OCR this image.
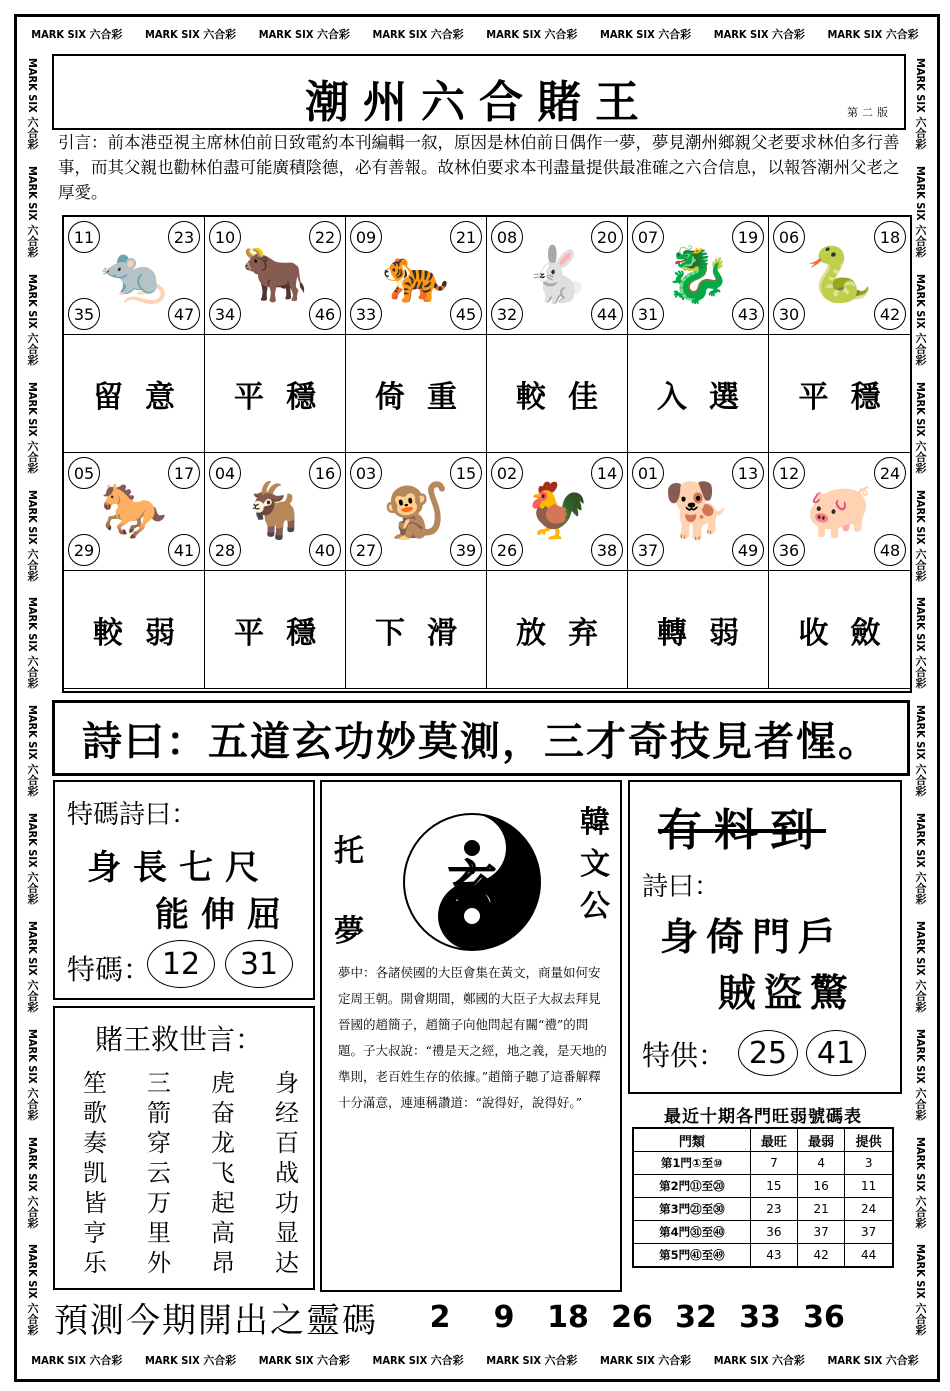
MARK SIX 六合彩 MARK SIX 六合彩 MARK SIX 六合彩 MARK SIX 六合彩 MARK SIX 六合彩 MARK SIX 六合彩 MARK SIX 六合彩 MARK SIX 六合彩
MARK SIX 六合彩 MARK SIX 六合彩 MARK SIX 六合彩 MARK SIX 六合彩 MARK SIX 六合彩 MARK SIX 六合彩 MARK SIX 六合彩 MARK SIX 六合彩
MARK SIX 六合彩
MARK SIX 六合彩
MARK SIX 六合彩
MARK SIX 六合彩
MARK SIX 六合彩
MARK SIX 六合彩
MARK SIX 六合彩
MARK SIX 六合彩
MARK SIX 六合彩
MARK SIX 六合彩
MARK SIX 六合彩
MARK SIX 六合彩
MARK SIX 六合彩
MARK SIX 六合彩
MARK SIX 六合彩
MARK SIX 六合彩
MARK SIX 六合彩
MARK SIX 六合彩
MARK SIX 六合彩
MARK SIX 六合彩
MARK SIX 六合彩
MARK SIX 六合彩
MARK SIX 六合彩
MARK SIX 六合彩
潮州六合賭王	第二版
引言：前本港亞視主席林伯前日致電約本刊編輯一叙，原因是林伯前日偶作一夢，夢見潮州鄉親父老要求林伯多行善事，而其父親也勸林伯盡可能廣積陰德，必有善報。故林伯要求本刊盡量提供最准確之六合信息，以報答潮州父老之厚愛。
🐀
11	23
35	47
🐂
10	22
34	46
🐅
09	21
33	45
🐇
08	20
32	44
🐉
07	19
31	43
🐍
06	18
30	42
留意	平穩	倚重	較佳	入選	平穩
🐎
05	17
29	41
🐐
04	16
28	40
🐒
03	15
27	39
🐓
02	14
26	38
🐕
01	13
37	49
🐖
12	24
36	48
較弱	平穩	下滑	放弃	轉弱	收斂
詩曰：五道玄功妙莫測，三才奇技見者惺。
特碼詩曰：
身長七尺
能伸屈
特碼： 12	31
賭王救世言：
笙
歌
奏
凯
皆
亨
乐
三
箭
穿
云
万
里
外
虎
奋
龙
飞
起
高
昂
身
经
百
战
功
显
达
托夢
韓文公
玄
夢中：各諸侯國的大臣會集在黃文，商量如何安定周王朝。開會期間，鄭國的大臣子大叔去拜見晉國的趙簡子，趙簡子向他問起有關“禮”的問題。子大叔說：“禮是天之經，地之義，是天地的準則，老百姓生存的依據。”趙簡子聽了這番解釋十分滿意，連連稱讚道：“說得好，說得好。”
有料到
詩曰：
身倚門戶
賊盜驚
特供： 25 41
最近十期各門旺弱號碼表
門類	最旺	最弱	提供
第1門①至⑩	7	4	3
第2門⑪至⑳	15	16	11
第3門㉑至㉚	23	21	24
第4門㉛至㊵	36	37	37
第5門㊶至㊾	43	42	44
預測今期開出之靈碼	2	9	18 26 32 33 36
